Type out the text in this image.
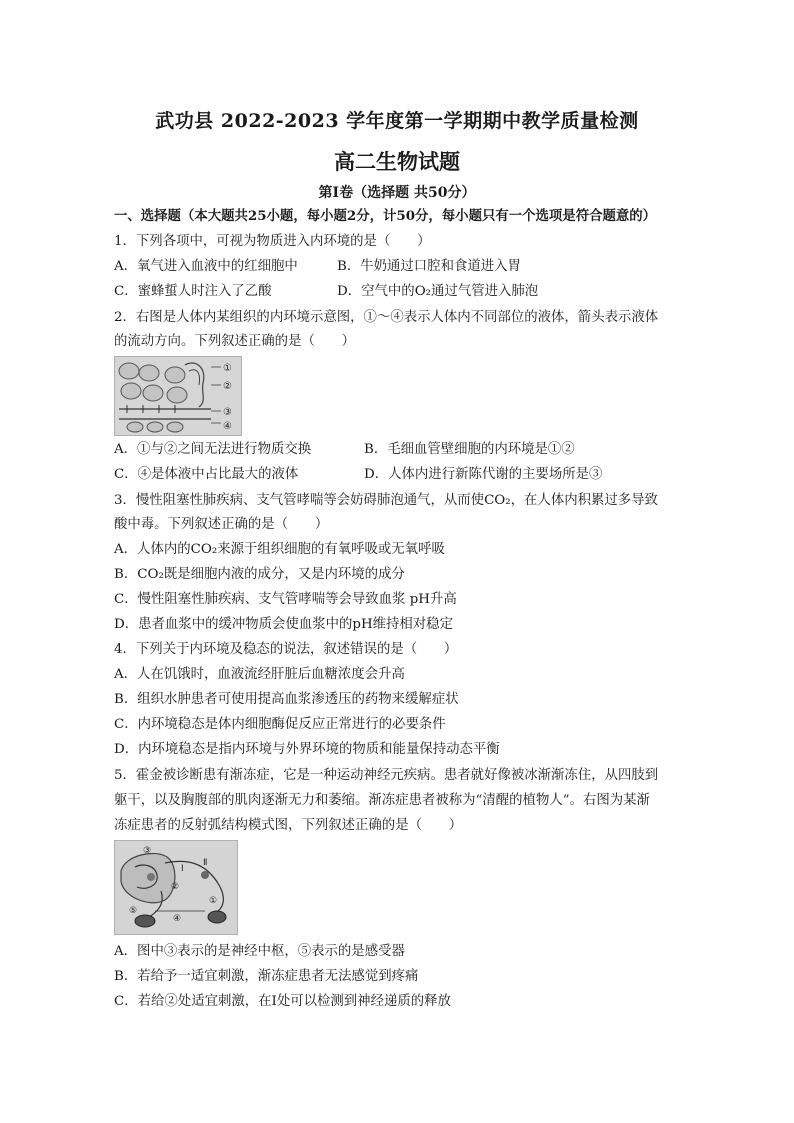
武功县 2022-2023 学年度第一学期期中教学质量检测
高二生物试题
第Ⅰ卷（选择题 共50分）
一、选择题（本大题共25小题，每小题2分，计50分，每小题只有一个选项是符合题意的）
1．下列各项中，可视为物质进入内环境的是（　　）
A．氧气进入血液中的红细胞中	B．牛奶通过口腔和食道进入胃
C．蜜蜂蜇人时注入了乙酸	D．空气中的O₂通过气管进入肺泡
2．右图是人体内某组织的内环境示意图，①～④表示人体内不同部位的液体，箭头表示液体
的流动方向。下列叙述正确的是（　　）
①
②
③
④
A．①与②之间无法进行物质交换	B．毛细血管壁细胞的内环境是①②
C．④是体液中占比最大的液体	D．人体内进行新陈代谢的主要场所是③
3．慢性阻塞性肺疾病、支气管哮喘等会妨碍肺泡通气，从而使CO₂，在人体内积累过多导致
酸中毒。下列叙述正确的是（　　）
A．人体内的CO₂来源于组织细胞的有氧呼吸或无氧呼吸
B．CO₂既是细胞内液的成分，又是内环境的成分
C．慢性阻塞性肺疾病、支气管哮喘等会导致血浆 pH升高
D．患者血浆中的缓冲物质会使血浆中的pH维持相对稳定
4．下列关于内环境及稳态的说法，叙述错误的是（　　）
A．人在饥饿时，血液流经肝脏后血糖浓度会升高
B．组织水肿患者可使用提高血浆渗透压的药物来缓解症状
C．内环境稳态是体内细胞酶促反应正常进行的必要条件
D．内环境稳态是指内环境与外界环境的物质和能量保持动态平衡
5．霍金被诊断患有渐冻症，它是一种运动神经元疾病。患者就好像被冰渐渐冻住，从四肢到
躯干，以及胸腹部的肌肉逐渐无力和萎缩。渐冻症患者被称为“清醒的植物人”。右图为某渐
冻症患者的反射弧结构模式图，下列叙述正确的是（　　）
③
②
Ⅰ
Ⅱ
①
④
⑤
A．图中③表示的是神经中枢，⑤表示的是感受器
B．若给予一适宜刺激，渐冻症患者无法感觉到疼痛
C．若给②处适宜刺激，在Ⅰ处可以检测到神经递质的释放
